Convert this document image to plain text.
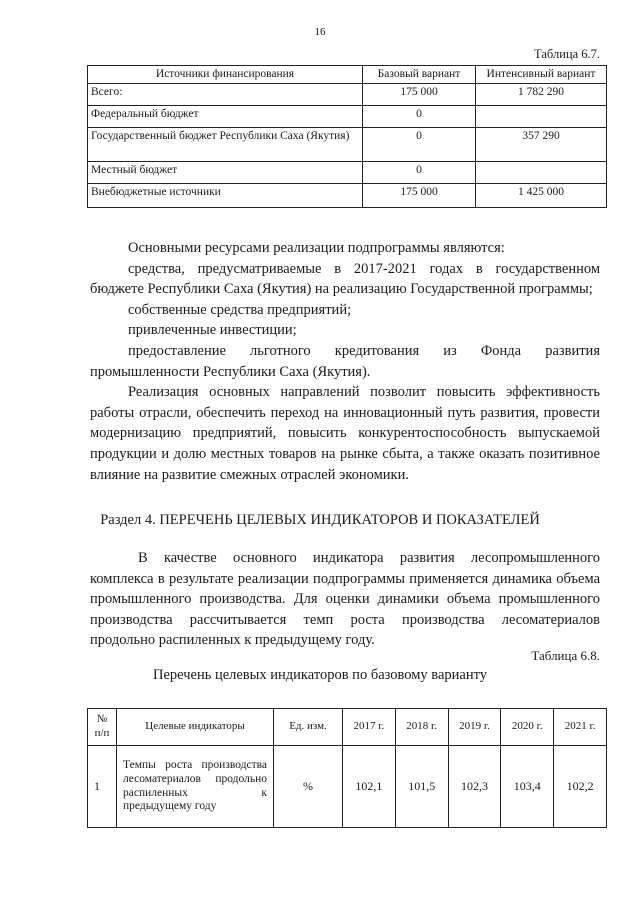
16
Таблица 6.7.
Источники финансирования	Базовый вариант	Интенсивный вариант
Всего:	175 000	1 782 290
Федеральный бюджет	0	
Государственный бюджет Республики Саха (Якутия)	0	357 290
Местный бюджет	0	
Внебюджетные источники	175 000	1 425 000

Основными ресурсами реализации подпрограммы являются:

средства, предусматриваемые в 2017-2021 годах в государственном бюджете Республики Саха (Якутия) на реализацию Государственной программы;

собственные средства предприятий;

привлеченные инвестиции;

предоставление льготного кредитования из Фонда развития промышленности Республики Саха (Якутия).

Реализация основных направлений позволит повысить эффективность работы отрасли, обеспечить переход на инновационный путь развития, провести модернизацию предприятий, повысить конкурентоспособность выпускаемой продукции и долю местных товаров на рынке сбыта, а также оказать позитивное влияние на развитие смежных отраслей экономики.

Раздел 4. ПЕРЕЧЕНЬ ЦЕЛЕВЫХ ИНДИКАТОРОВ И ПОКАЗАТЕЛЕЙ

В качестве основного индикатора развития лесопромышленного комплекса в результате реализации подпрограммы применяется динамика объема промышленного производства. Для оценки динамики объема промышленного производства рассчитывается темп роста производства лесоматериалов продольно распиленных к предыдущему году.

Таблица 6.8.
Перечень целевых индикаторов по базовому варианту
№ п/п	Целевые индикаторы	Ед. изм.	2017 г.	2018 г.	2019 г.	2020 г.	2021 г.
1	Темпы роста производства лесоматериалов продольно распиленных к предыдущему году	%	102,1	101,5	102,3	103,4	102,2
